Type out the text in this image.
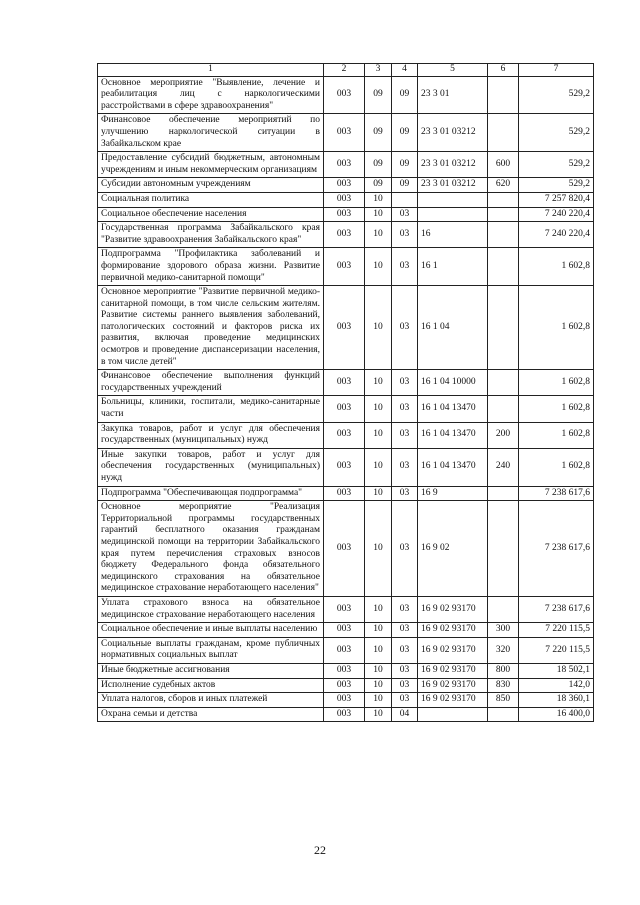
1	2	3	4	5	6	7
Основное мероприятие "Выявление, лечение и реабилитация лиц с наркологическими расстройствами в сфере здравоохранения"	003	09	09	23 3 01		529,2
Финансовое обеспечение мероприятий по улучшению наркологической ситуации в Забайкальском крае	003	09	09	23 3 01 03212		529,2
Предоставление субсидий бюджетным, автономным учреждениям и иным некоммерческим организациям	003	09	09	23 3 01 03212	600	529,2
Субсидии автономным учреждениям	003	09	09	23 3 01 03212	620	529,2
Социальная политика	003	10				7 257 820,4
Социальное обеспечение населения	003	10	03			7 240 220,4
Государственная программа Забайкальского края "Развитие здравоохранения Забайкальского края"	003	10	03	16		7 240 220,4
Подпрограмма "Профилактика заболеваний и формирование здорового образа жизни. Развитие первичной медико-санитарной помощи"	003	10	03	16 1		1 602,8
Основное мероприятие "Развитие первичной медико-санитарной помощи, в том числе сельским жителям. Развитие системы раннего выявления заболеваний, патологических состояний и факторов риска их развития, включая проведение медицинских осмотров и проведение диспансеризации населения, в том числе детей"	003	10	03	16 1 04		1 602,8
Финансовое обеспечение выполнения функций государственных учреждений	003	10	03	16 1 04 10000		1 602,8
Больницы, клиники, госпитали, медико-санитарные части	003	10	03	16 1 04 13470		1 602,8
Закупка товаров, работ и услуг для обеспечения государственных (муниципальных) нужд	003	10	03	16 1 04 13470	200	1 602,8
Иные закупки товаров, работ и услуг для обеспечения государственных (муниципальных) нужд	003	10	03	16 1 04 13470	240	1 602,8
Подпрограмма "Обеспечивающая подпрограмма"	003	10	03	16 9		7 238 617,6
Основное мероприятие "Реализация Территориальной программы государственных гарантий бесплатного оказания гражданам медицинской помощи на территории Забайкальского края путем перечисления страховых взносов бюджету Федерального фонда обязательного медицинского страхования на обязательное медицинское страхование неработающего населения"	003	10	03	16 9 02		7 238 617,6
Уплата страхового взноса на обязательное медицинское страхование неработающего населения	003	10	03	16 9 02 93170		7 238 617,6
Социальное обеспечение и иные выплаты населению	003	10	03	16 9 02 93170	300	7 220 115,5
Социальные выплаты гражданам, кроме публичных нормативных социальных выплат	003	10	03	16 9 02 93170	320	7 220 115,5
Иные бюджетные ассигнования	003	10	03	16 9 02 93170	800	18 502,1
Исполнение судебных актов	003	10	03	16 9 02 93170	830	142,0
Уплата налогов, сборов и иных платежей	003	10	03	16 9 02 93170	850	18 360,1
Охрана семьи и детства	003	10	04			16 400,0
22
